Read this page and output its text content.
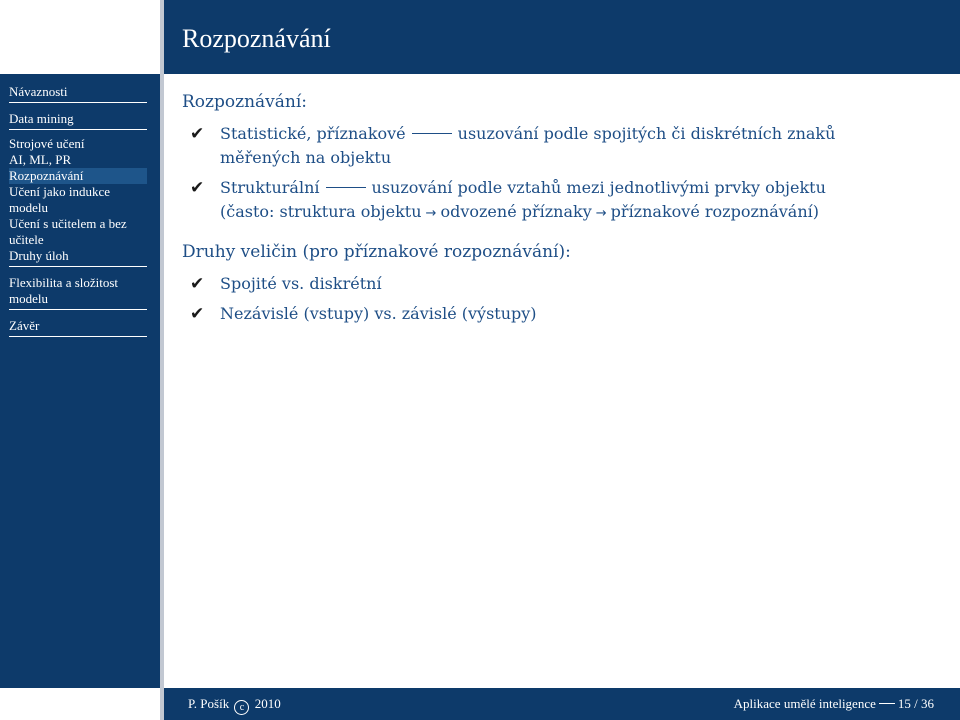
Rozpoznávání
Návaznosti
Data mining
Strojové učení
AI, ML, PR
Rozpoznávání
Učení jako indukce modelu
Učení s učitelem a bez učitele
Druhy úloh
Flexibilita a složitost modelu
Závěr
Rozpoznávání:
✔ Statistické, příznakové	usuzování podle spojitých či diskrétních znaků
měřených na objektu
✔ Strukturální	usuzování podle vztahů mezi jednotlivými prvky objektu
(často: struktura objektu → odvozené příznaky → příznakové rozpoznávání)
Druhy veličin (pro příznakové rozpoznávání):
✔ Spojité vs. diskrétní
✔ Nezávislé (vstupy) vs. závislé (výstupy)
P. Pošík c 2010	Aplikace umělé inteligence 15 / 36
